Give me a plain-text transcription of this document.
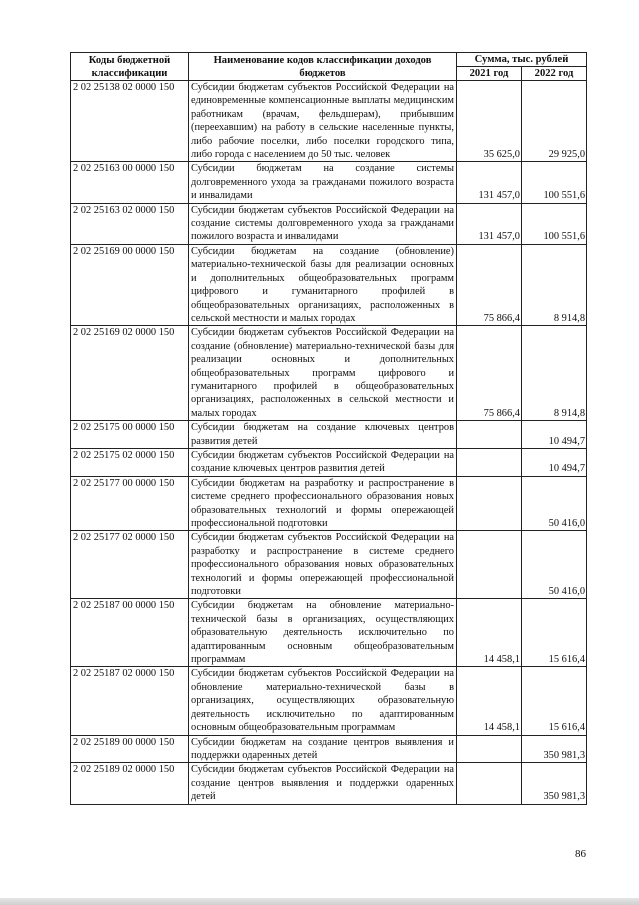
Коды бюджетной классификации	Наименование кодов классификации доходов бюджетов	Сумма, тыс. рублей	
		2021 год	2022 год
2 02 25138 02 0000 150	Субсидии бюджетам субъектов Российской Федерации на единовременные компенсационные выплаты медицинским работникам (врачам, фельдшерам), прибывшим (переехавшим) на работу в сельские населенные пункты, либо рабочие поселки, либо поселки городского типа, либо города с населением до 50 тыс. человек	35 625,0	29 925,0
2 02 25163 00 0000 150	Субсидии бюджетам на создание системы долговременного ухода за гражданами пожилого возраста и инвалидами	131 457,0	100 551,6
2 02 25163 02 0000 150	Субсидии бюджетам субъектов Российской Федерации на создание системы долговременного ухода за гражданами пожилого возраста и инвалидами	131 457,0	100 551,6
2 02 25169 00 0000 150	Субсидии бюджетам на создание (обновление) материально-технической базы для реализации основных и дополнительных общеобразовательных программ цифрового и гуманитарного профилей в общеобразовательных организациях, расположенных в сельской местности и малых городах	75 866,4	8 914,8
2 02 25169 02 0000 150	Субсидии бюджетам субъектов Российской Федерации на создание (обновление) материально-технической базы для реализации основных и дополнительных общеобразовательных программ цифрового и гуманитарного профилей в общеобразовательных организациях, расположенных в сельской местности и малых городах	75 866,4	8 914,8
2 02 25175 00 0000 150	Субсидии бюджетам на создание ключевых центров развития детей		10 494,7
2 02 25175 02 0000 150	Субсидии бюджетам субъектов Российской Федерации на создание ключевых центров развития детей		10 494,7
2 02 25177 00 0000 150	Субсидии бюджетам на разработку и распространение в системе среднего профессионального образования новых образовательных технологий и формы опережающей профессиональной подготовки		50 416,0
2 02 25177 02 0000 150	Субсидии бюджетам субъектов Российской Федерации на разработку и распространение в системе среднего профессионального образования новых образовательных технологий и формы опережающей профессиональной подготовки		50 416,0
2 02 25187 00 0000 150	Субсидии бюджетам на обновление материально-технической базы в организациях, осуществляющих образовательную деятельность исключительно по адаптированным основным общеобразовательным программам	14 458,1	15 616,4
2 02 25187 02 0000 150	Субсидии бюджетам субъектов Российской Федерации на обновление материально-технической базы в организациях, осуществляющих образовательную деятельность исключительно по адаптированным основным общеобразовательным программам	14 458,1	15 616,4
2 02 25189 00 0000 150	Субсидии бюджетам на создание центров выявления и поддержки одаренных детей		350 981,3
2 02 25189 02 0000 150	Субсидии бюджетам субъектов Российской Федерации на создание центров выявления и поддержки одаренных детей		350 981,3
86
